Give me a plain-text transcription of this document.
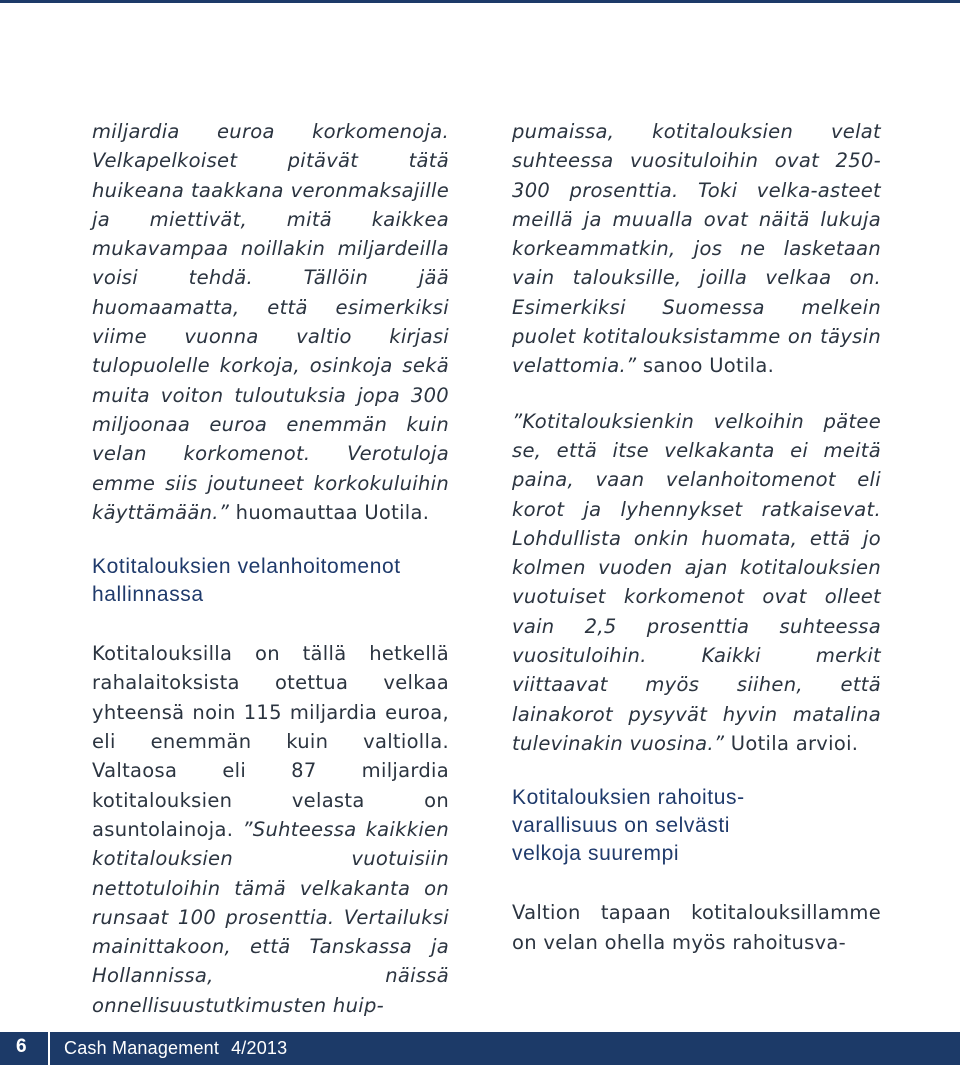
miljardia euroa korkomenoja. Velkapelkoiset pitävät tätä huikeana taakkana veronmaksajille ja miettivät, mitä kaikkea mukavampaa noillakin miljardeilla voisi tehdä. Tällöin jää huomaamatta, että esimerkiksi viime vuonna valtio kirjasi tulopuolelle korkoja, osinkoja sekä muita voiton tuloutuksia jopa 300 miljoonaa euroa enemmän kuin velan korkomenot. Verotuloja emme siis joutuneet korkokuluihin käyttämään.” huomauttaa Uotila.

Kotitalouksien velanhoitomenot
hallinnassa

Kotitalouksilla on tällä hetkellä rahalaitoksista otettua velkaa yhteensä noin 115 miljardia euroa, eli enemmän kuin valtiolla. Valtaosa eli 87 miljardia kotitalouksien velasta on asuntolainoja. ”Suhteessa kaikkien kotitalouksien vuotuisiin nettotuloihin tämä velkakanta on runsaat 100 prosenttia. Vertailuksi mainittakoon, että Tanskassa ja Hollannissa, näissä onnellisuustutkimusten huip-

pumaissa, kotitalouksien velat suhteessa vuosituloihin ovat 250-300 prosenttia. Toki velka-asteet meillä ja muualla ovat näitä lukuja korkeammatkin, jos ne lasketaan vain talouksille, joilla velkaa on. Esimerkiksi Suomessa melkein puolet kotitalouksistamme on täysin velattomia.” sanoo Uotila.

”Kotitalouksienkin velkoihin pätee se, että itse velkakanta ei meitä paina, vaan velanhoitomenot eli korot ja lyhennykset ratkaisevat. Lohdullista onkin huomata, että jo kolmen vuoden ajan kotitalouksien vuotuiset korkomenot ovat olleet vain 2,5 prosenttia suhteessa vuosituloihin. Kaikki merkit viittaavat myös siihen, että lainakorot pysyvät hyvin matalina tulevinakin vuosina.” Uotila arvioi.

Kotitalouksien rahoitus-
varallisuus on selvästi
velkoja suurempi

Valtion tapaan kotitalouksillamme on velan ohella myös rahoitusva-

6 Cash Management 4/2013
